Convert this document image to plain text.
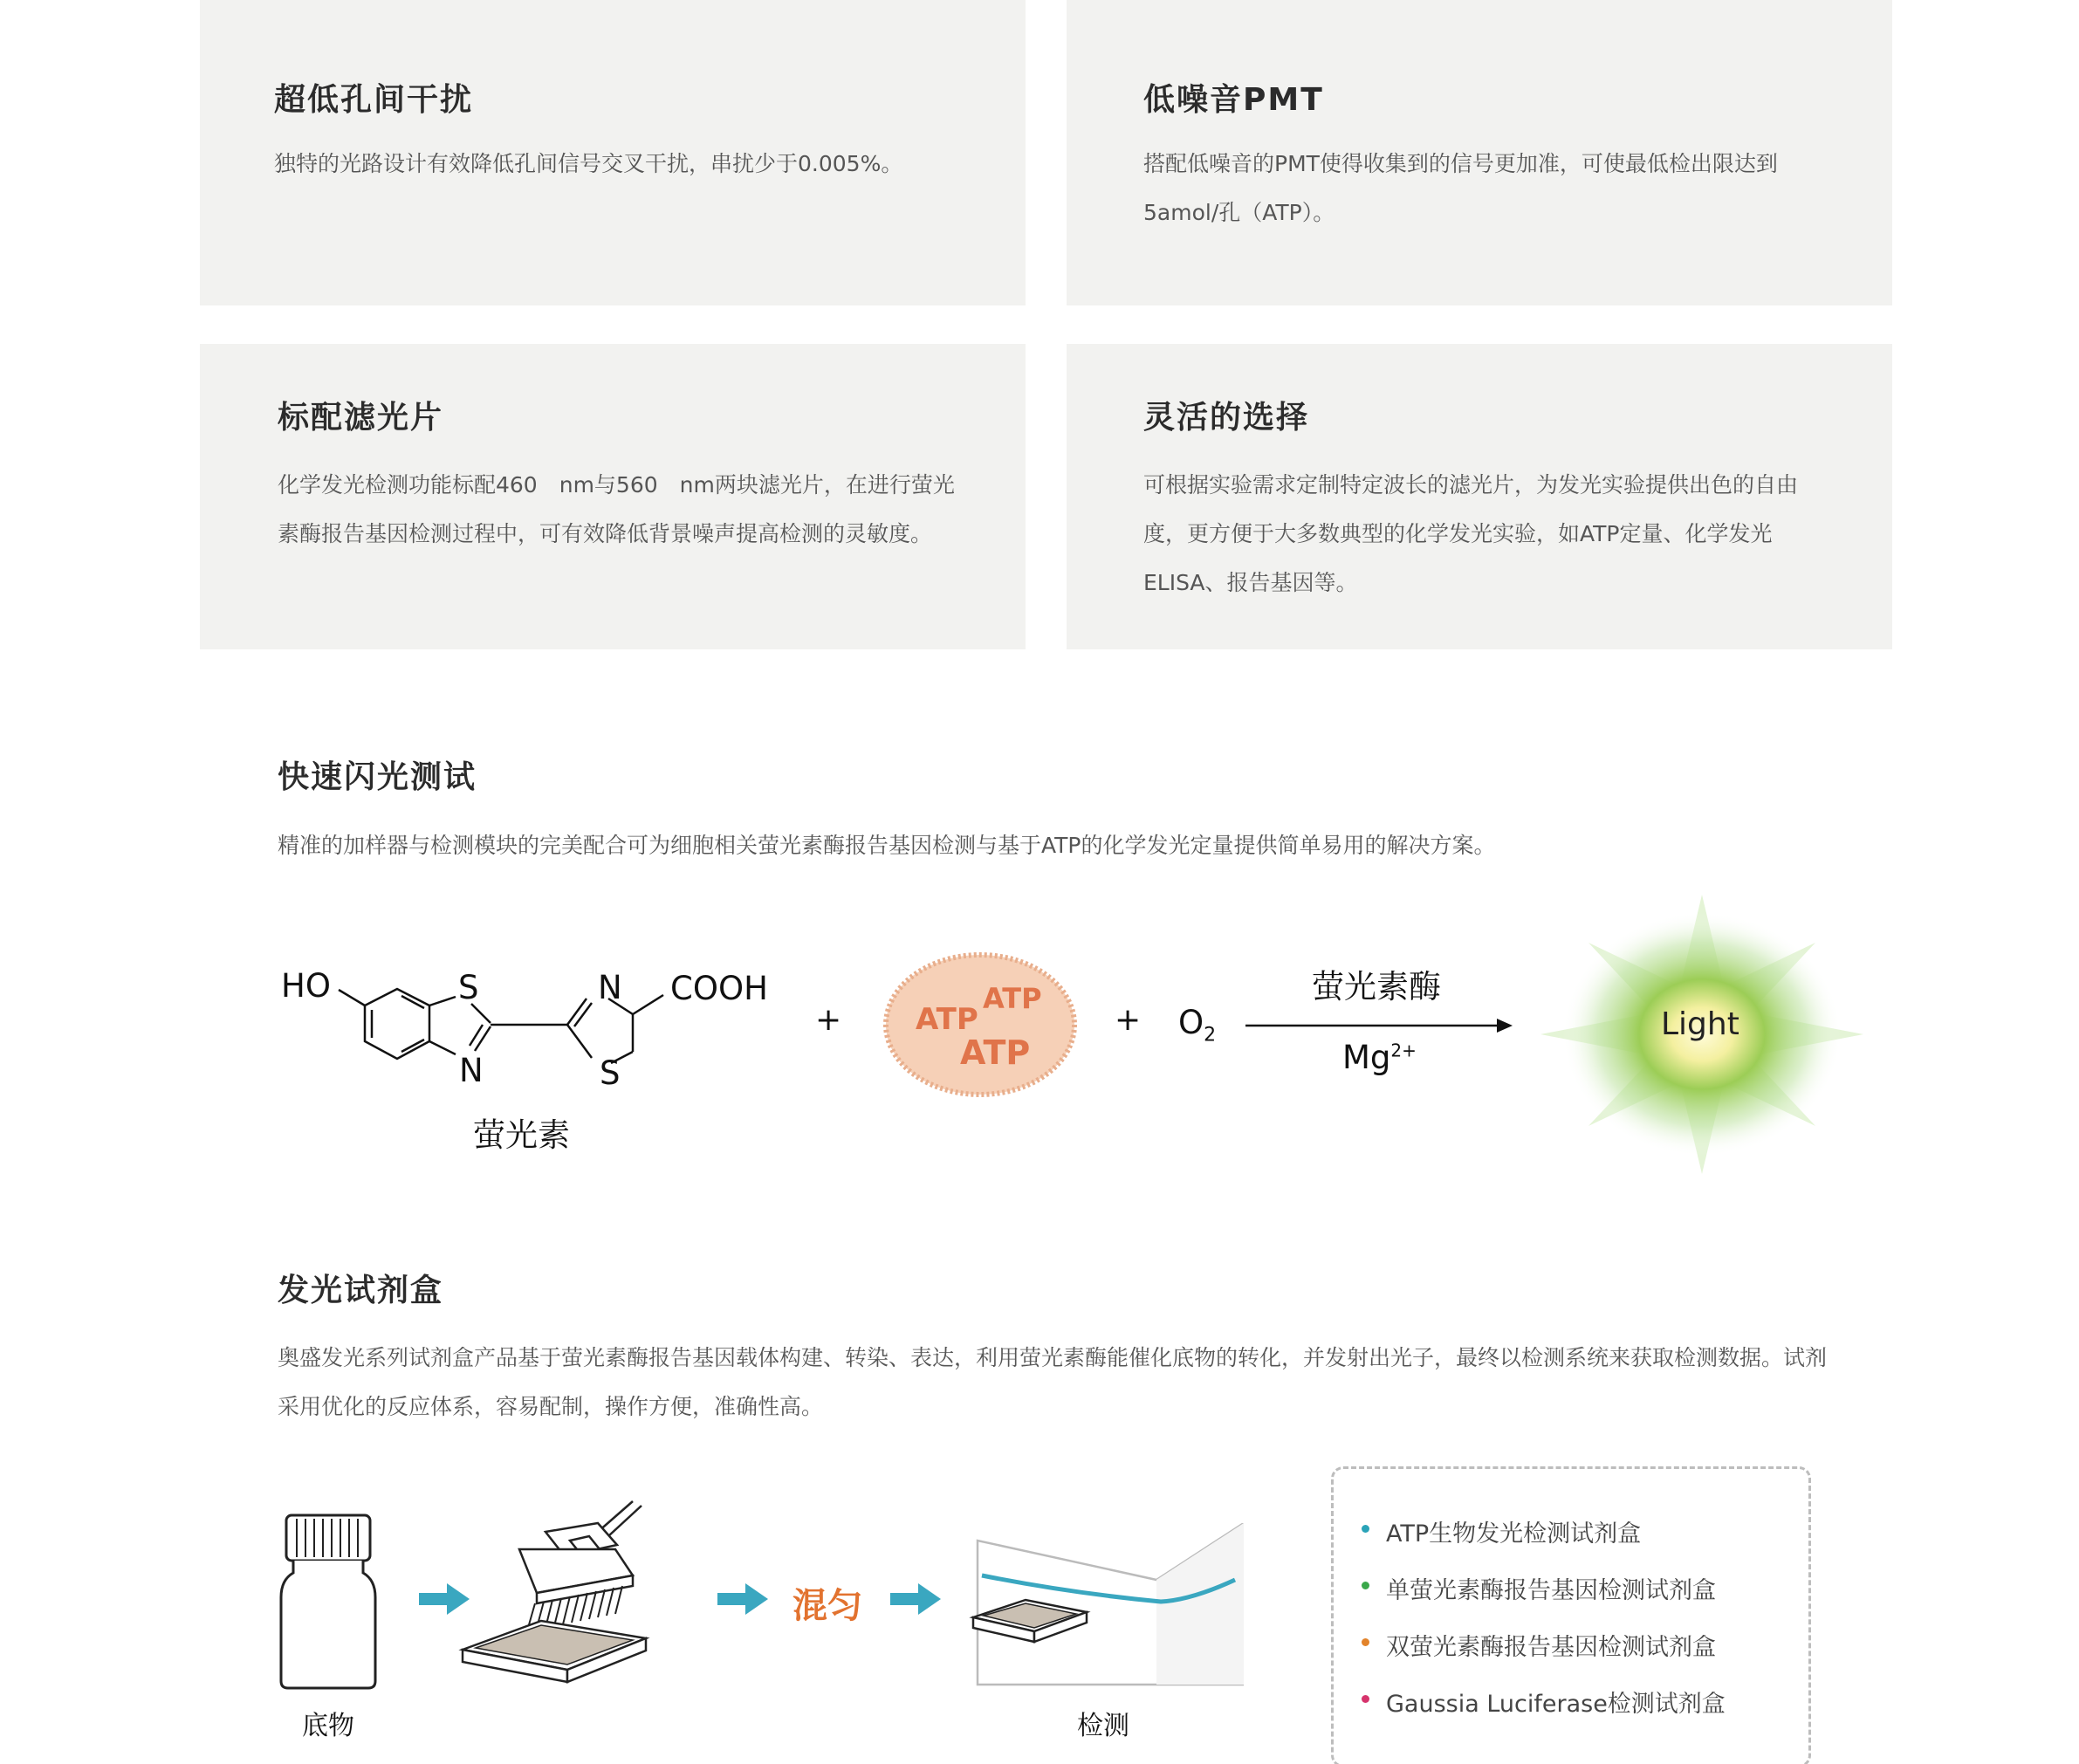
超低孔间干扰

独特的光路设计有效降低孔间信号交叉干扰，串扰少于0.005%。

低噪音PMT

搭配低噪音的PMT使得收集到的信号更加准，可使最低检出限达到5amol/孔（ATP）。

标配滤光片

化学发光检测功能标配460　nm与560　nm两块滤光片，在进行萤光素酶报告基因检测过程中，可有效降低背景噪声提高检测的灵敏度。

灵活的选择

可根据实验需求定制特定波长的滤光片，为发光实验提供出色的自由度，更方便于大多数典型的化学发光实验，如ATP定量、化学发光ELISA、报告基因等。

快速闪光测试
精准的加样器与检测模块的完美配合可为细胞相关萤光素酶报告基因检测与基于ATP的化学发光定量提供简单易用的解决方案。
HO	S
N
N
S
COOH
萤光素
+ ATP
ATP
ATP
+ $O_2$
萤光素酶
$Mg^{2+}$
Light
发光试剂盒
奥盛发光系列试剂盒产品基于萤光素酶报告基因载体构建、转染、表达，利用萤光素酶能催化底物的转化，并发射出光子，最终以检测系统来获取检测数据。试剂采用优化的反应体系，容易配制，操作方便，准确性高。
底物
混匀
检测
ATP生物发光检测试剂盒
单萤光素酶报告基因检测试剂盒
双萤光素酶报告基因检测试剂盒
Gaussia Luciferase检测试剂盒
